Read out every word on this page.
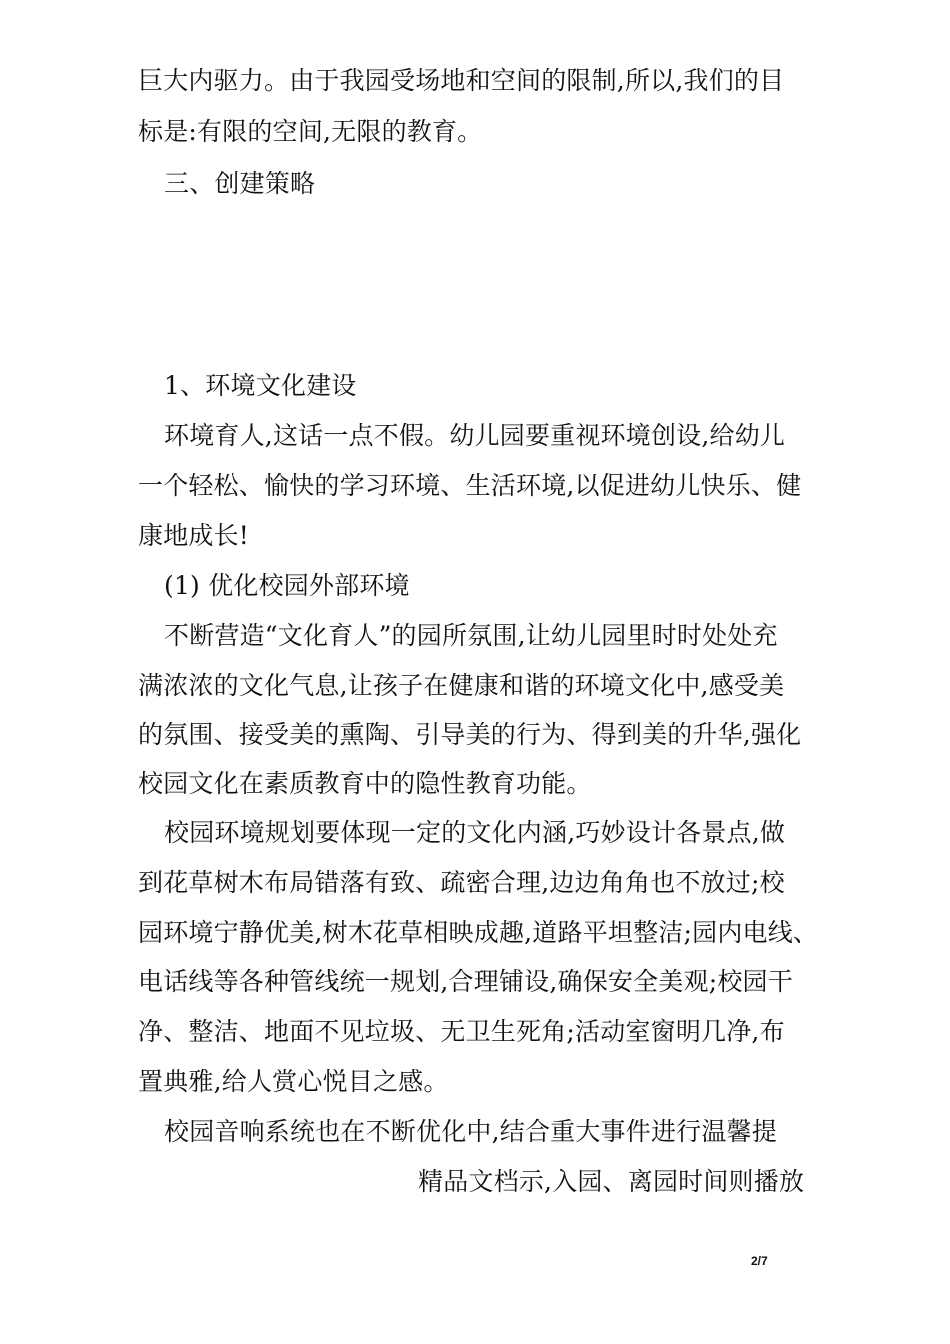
巨大内驱力。由于我园受场地和空间的限制,所以,我们的目
标是:有限的空间,无限的教育。
三、创建策略
1、环境文化建设
环境育人,这话一点不假。幼儿园要重视环境创设,给幼儿
一个轻松、愉快的学习环境、生活环境,以促进幼儿快乐、健
康地成长!
(1) 优化校园外部环境
不断营造“文化育人”的园所氛围,让幼儿园里时时处处充
满浓浓的文化气息,让孩子在健康和谐的环境文化中,感受美
的氛围、接受美的熏陶、引导美的行为、得到美的升华,强化
校园文化在素质教育中的隐性教育功能。
校园环境规划要体现一定的文化内涵,巧妙设计各景点,做
到花草树木布局错落有致、疏密合理,边边角角也不放过;校
园环境宁静优美,树木花草相映成趣,道路平坦整洁;园内电线、
电话线等各种管线统一规划,合理铺设,确保安全美观;校园干
净、整洁、地面不见垃圾、无卫生死角;活动室窗明几净,布
置典雅,给人赏心悦目之感。
校园音响系统也在不断优化中,结合重大事件进行温馨提
精品文档示,入园、离园时间则播放
2/7
